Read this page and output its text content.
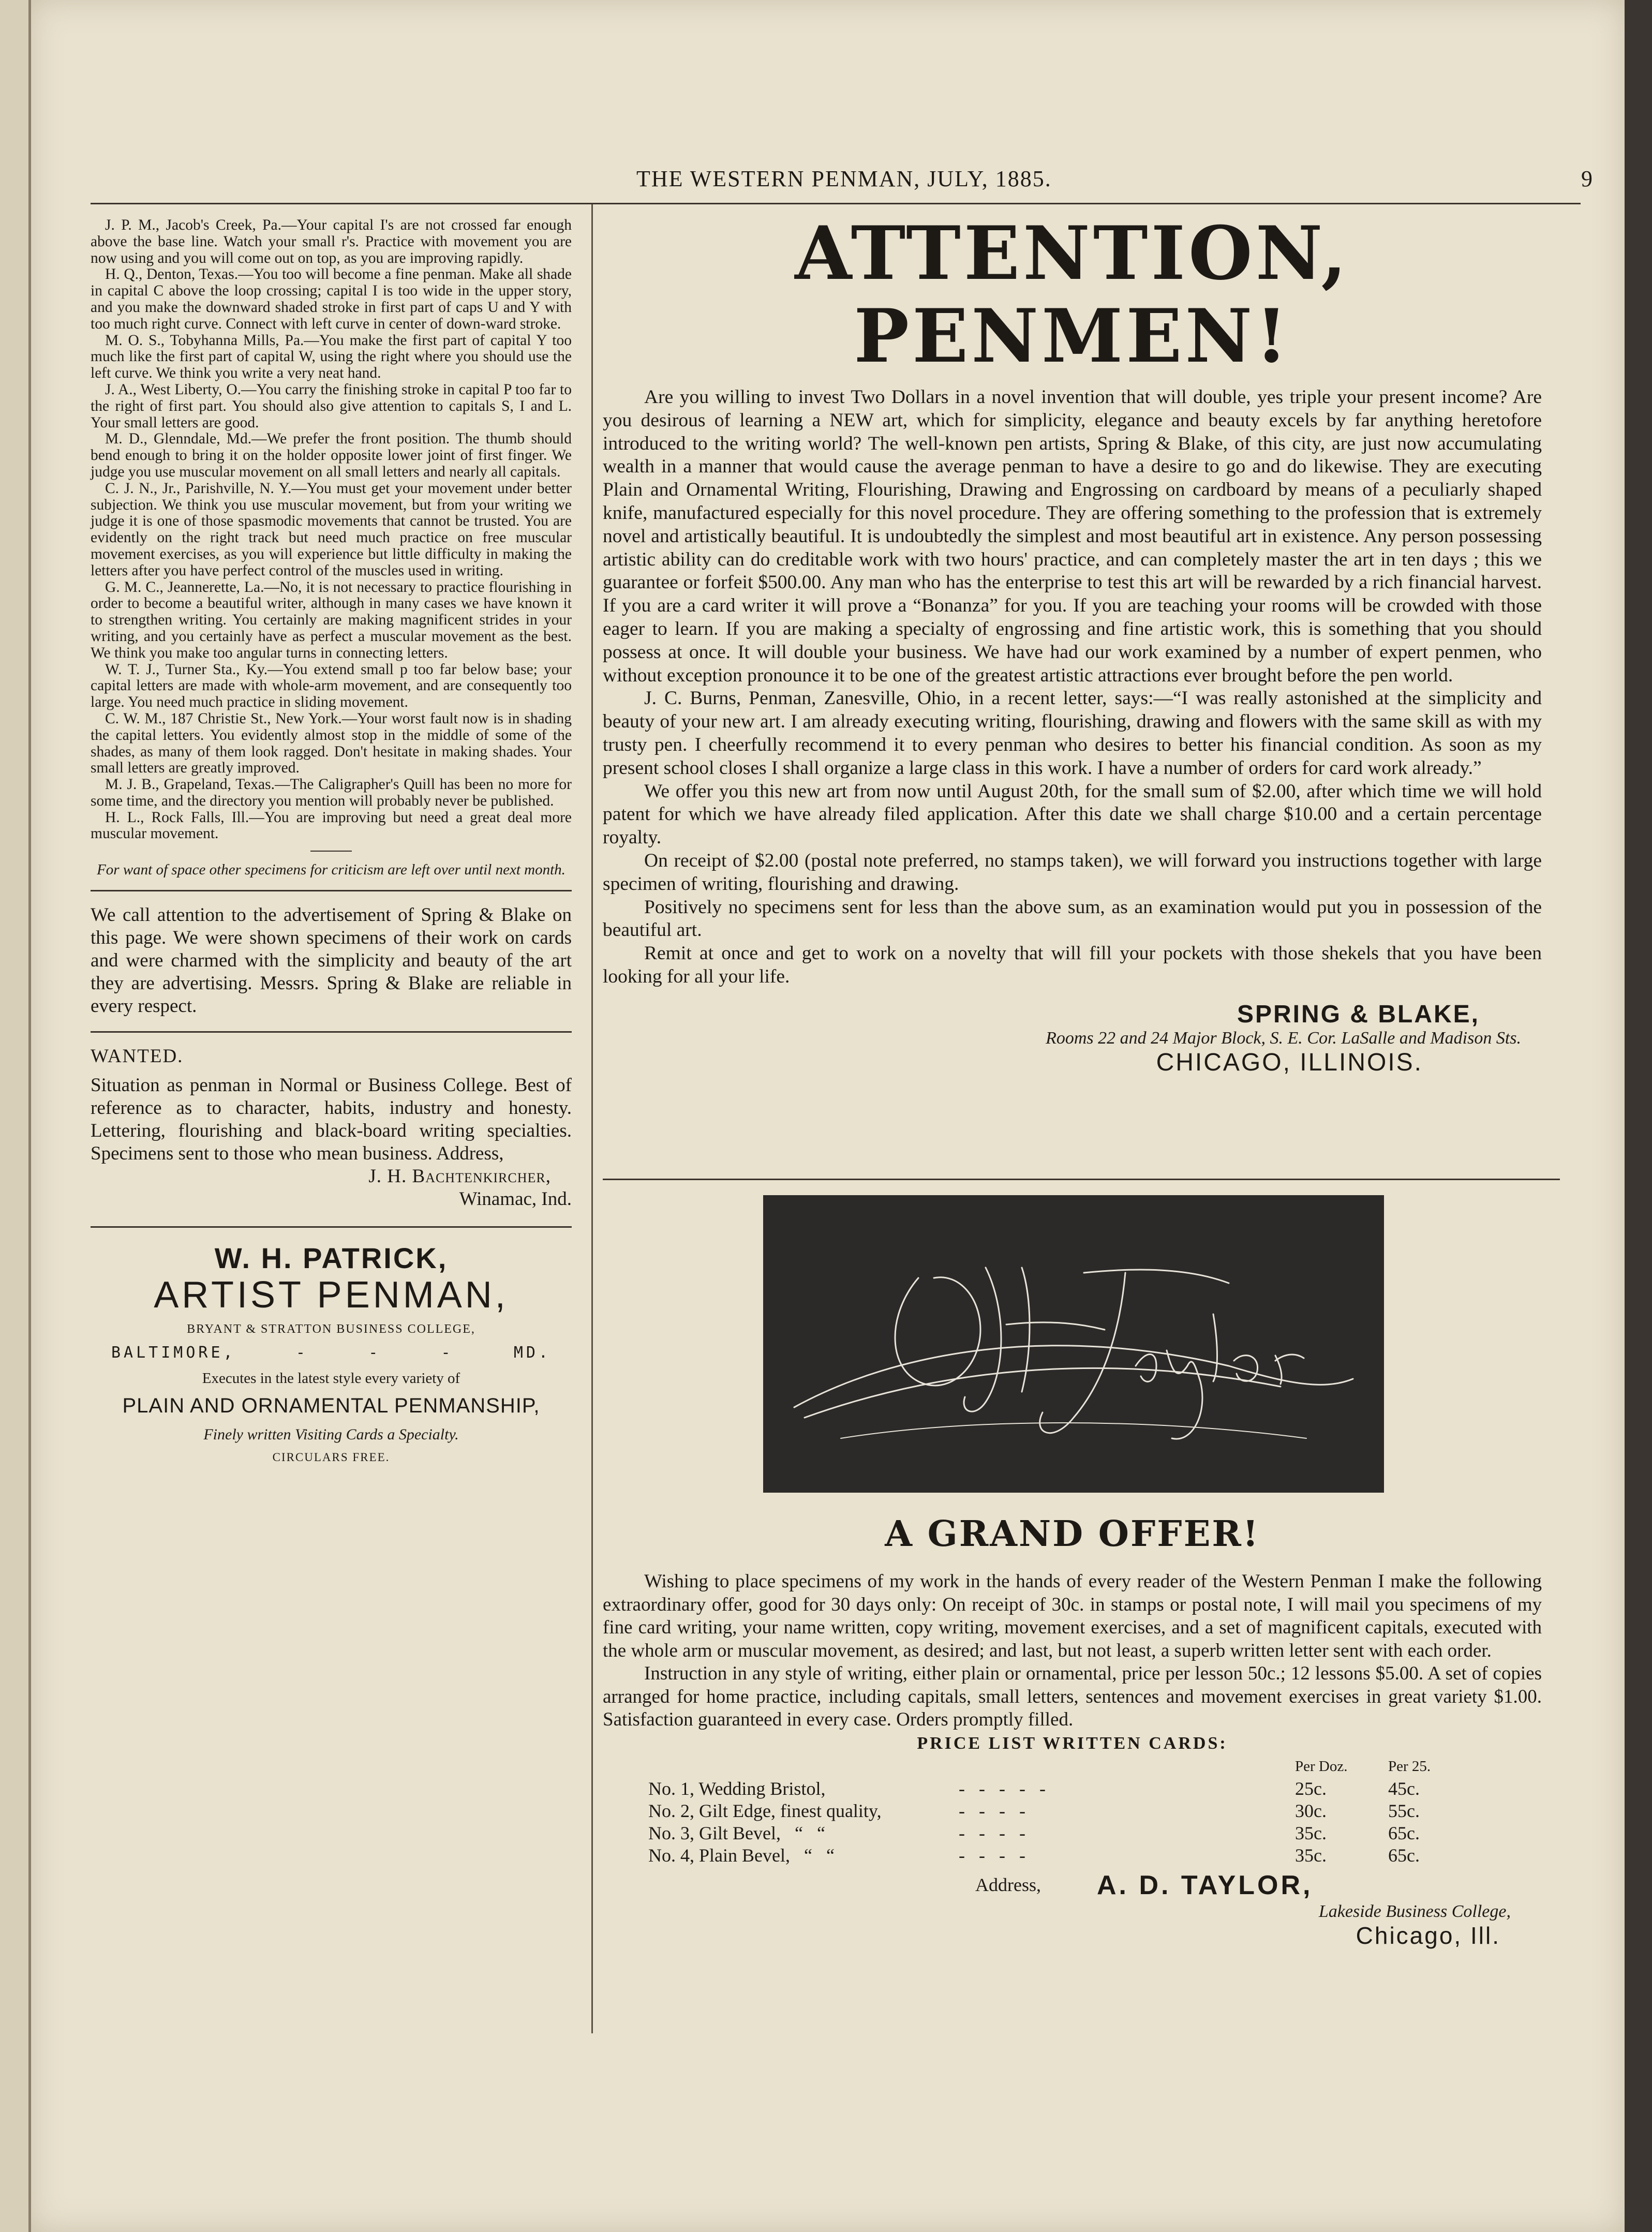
THE WESTERN PENMAN, JULY, 1885.	9

J. P. M., Jacob's Creek, Pa.—Your capital I's are not crossed far enough above the base line. Watch your small r's. Practice with movement you are now using and you will come out on top, as you are improving rapidly.

H. Q., Denton, Texas.—You too will become a fine penman. Make all shade in capital C above the loop crossing; capital I is too wide in the upper story, and you make the downward shaded stroke in first part of caps U and Y with too much right curve. Connect with left curve in center of down-ward stroke.

M. O. S., Tobyhanna Mills, Pa.—You make the first part of capital Y too much like the first part of capital W, using the right where you should use the left curve. We think you write a very neat hand.

J. A., West Liberty, O.—You carry the finishing stroke in capital P too far to the right of first part. You should also give attention to capitals S, I and L. Your small letters are good.

M. D., Glenndale, Md.—We prefer the front position. The thumb should bend enough to bring it on the holder opposite lower joint of first finger. We judge you use muscular movement on all small letters and nearly all capitals.

C. J. N., Jr., Parishville, N. Y.—You must get your movement under better subjection. We think you use muscular movement, but from your writing we judge it is one of those spasmodic movements that cannot be trusted. You are evidently on the right track but need much practice on free muscular movement exercises, as you will experience but little difficulty in making the letters after you have perfect control of the muscles used in writing.

G. M. C., Jeannerette, La.—No, it is not necessary to practice flourishing in order to become a beautiful writer, although in many cases we have known it to strengthen writing. You certainly are making magnificent strides in your writing, and you certainly have as perfect a muscular movement as the best. We think you make too angular turns in connecting letters.

W. T. J., Turner Sta., Ky.—You extend small p too far below base; your capital letters are made with whole-arm movement, and are consequently too large. You need much practice in sliding movement.

C. W. M., 187 Christie St., New York.—Your worst fault now is in shading the capital letters. You evidently almost stop in the middle of some of the shades, as many of them look ragged. Don't hesitate in making shades. Your small letters are greatly improved.

M. J. B., Grapeland, Texas.—The Caligrapher's Quill has been no more for some time, and the directory you mention will probably never be published.

H. L., Rock Falls, Ill.—You are improving but need a great deal more muscular movement.

For want of space other specimens for criticism are left over until next month.

We call attention to the advertisement of Spring & Blake on this page. We were shown specimens of their work on cards and were charmed with the simplicity and beauty of the art they are advertising. Messrs. Spring & Blake are reliable in every respect.

WANTED.

Situation as penman in Normal or Business College. Best of reference as to character, habits, industry and honesty. Lettering, flourishing and black-board writing specialties. Specimens sent to those who mean business. Address,

J. H. Bachtenkircher,

Winamac, Ind.

W. H. PATRICK,
ARTIST PENMAN,
BRYANT & STRATTON BUSINESS COLLEGE,
BALTIMORE,	-	-	-	MD.
Executes in the latest style every variety of
PLAIN AND ORNAMENTAL PENMANSHIP,
Finely written Visiting Cards a Specialty.
CIRCULARS FREE.
ATTENTION, PENMEN!

Are you willing to invest Two Dollars in a novel invention that will double, yes triple your present income? Are you desirous of learning a NEW art, which for simplicity, elegance and beauty excels by far anything heretofore introduced to the writing world? The well-known pen artists, Spring & Blake, of this city, are just now accumulating wealth in a manner that would cause the average penman to have a desire to go and do likewise. They are executing Plain and Ornamental Writing, Flourishing, Drawing and Engrossing on cardboard by means of a peculiarly shaped knife, manufactured especially for this novel procedure. They are offering something to the profession that is extremely novel and artistically beautiful. It is undoubtedly the simplest and most beautiful art in existence. Any person possessing artistic ability can do creditable work with two hours' practice, and can completely master the art in ten days ; this we guarantee or forfeit $500.00. Any man who has the enterprise to test this art will be rewarded by a rich financial harvest. If you are a card writer it will prove a “Bonanza” for you. If you are teaching your rooms will be crowded with those eager to learn. If you are making a specialty of engrossing and fine artistic work, this is something that you should possess at once. It will double your business. We have had our work examined by a number of expert penmen, who without exception pronounce it to be one of the greatest artistic attractions ever brought before the pen world.

J. C. Burns, Penman, Zanesville, Ohio, in a recent letter, says:—“I was really astonished at the simplicity and beauty of your new art. I am already executing writing, flourishing, drawing and flowers with the same skill as with my trusty pen. I cheerfully recommend it to every penman who desires to better his financial condition. As soon as my present school closes I shall organize a large class in this work. I have a number of orders for card work already.”

We offer you this new art from now until August 20th, for the small sum of $2.00, after which time we will hold patent for which we have already filed application. After this date we shall charge $10.00 and a certain percentage royalty.

On receipt of $2.00 (postal note preferred, no stamps taken), we will forward you instructions together with large specimen of writing, flourishing and drawing.

Positively no specimens sent for less than the above sum, as an examination would put you in possession of the beautiful art.

Remit at once and get to work on a novelty that will fill your pockets with those shekels that you have been looking for all your life.

SPRING & BLAKE,
Rooms 22 and 24 Major Block, S. E. Cor. LaSalle and Madison Sts.
CHICAGO, ILLINOIS.
A GRAND OFFER!

Wishing to place specimens of my work in the hands of every reader of the Western Penman I make the following extraordinary offer, good for 30 days only: On receipt of 30c. in stamps or postal note, I will mail you specimens of my fine card writing, your name written, copy writing, movement exercises, and a set of magnificent capitals, executed with the whole arm or muscular movement, as desired; and last, but not least, a superb written letter sent with each order.

Instruction in any style of writing, either plain or ornamental, price per lesson 50c.; 12 lessons $5.00. A set of copies arranged for home practice, including capitals, small letters, sentences and movement exercises in great variety $1.00. Satisfaction guaranteed in every case. Orders promptly filled.

PRICE LIST WRITTEN CARDS:
		Per Doz.	Per 25.
No. 1, Wedding Bristol,	-   -   -   -   -	25c.	45c.
No. 2, Gilt Edge, finest quality,	-   -   -   -	30c.	55c.
No. 3, Gilt Bevel,   “   “	-   -   -   -	35c.	65c.
No. 4, Plain Bevel,   “   “	-   -   -   -	35c.	65c.
Address, A. D. TAYLOR,
Lakeside Business College,
Chicago, Ill.
